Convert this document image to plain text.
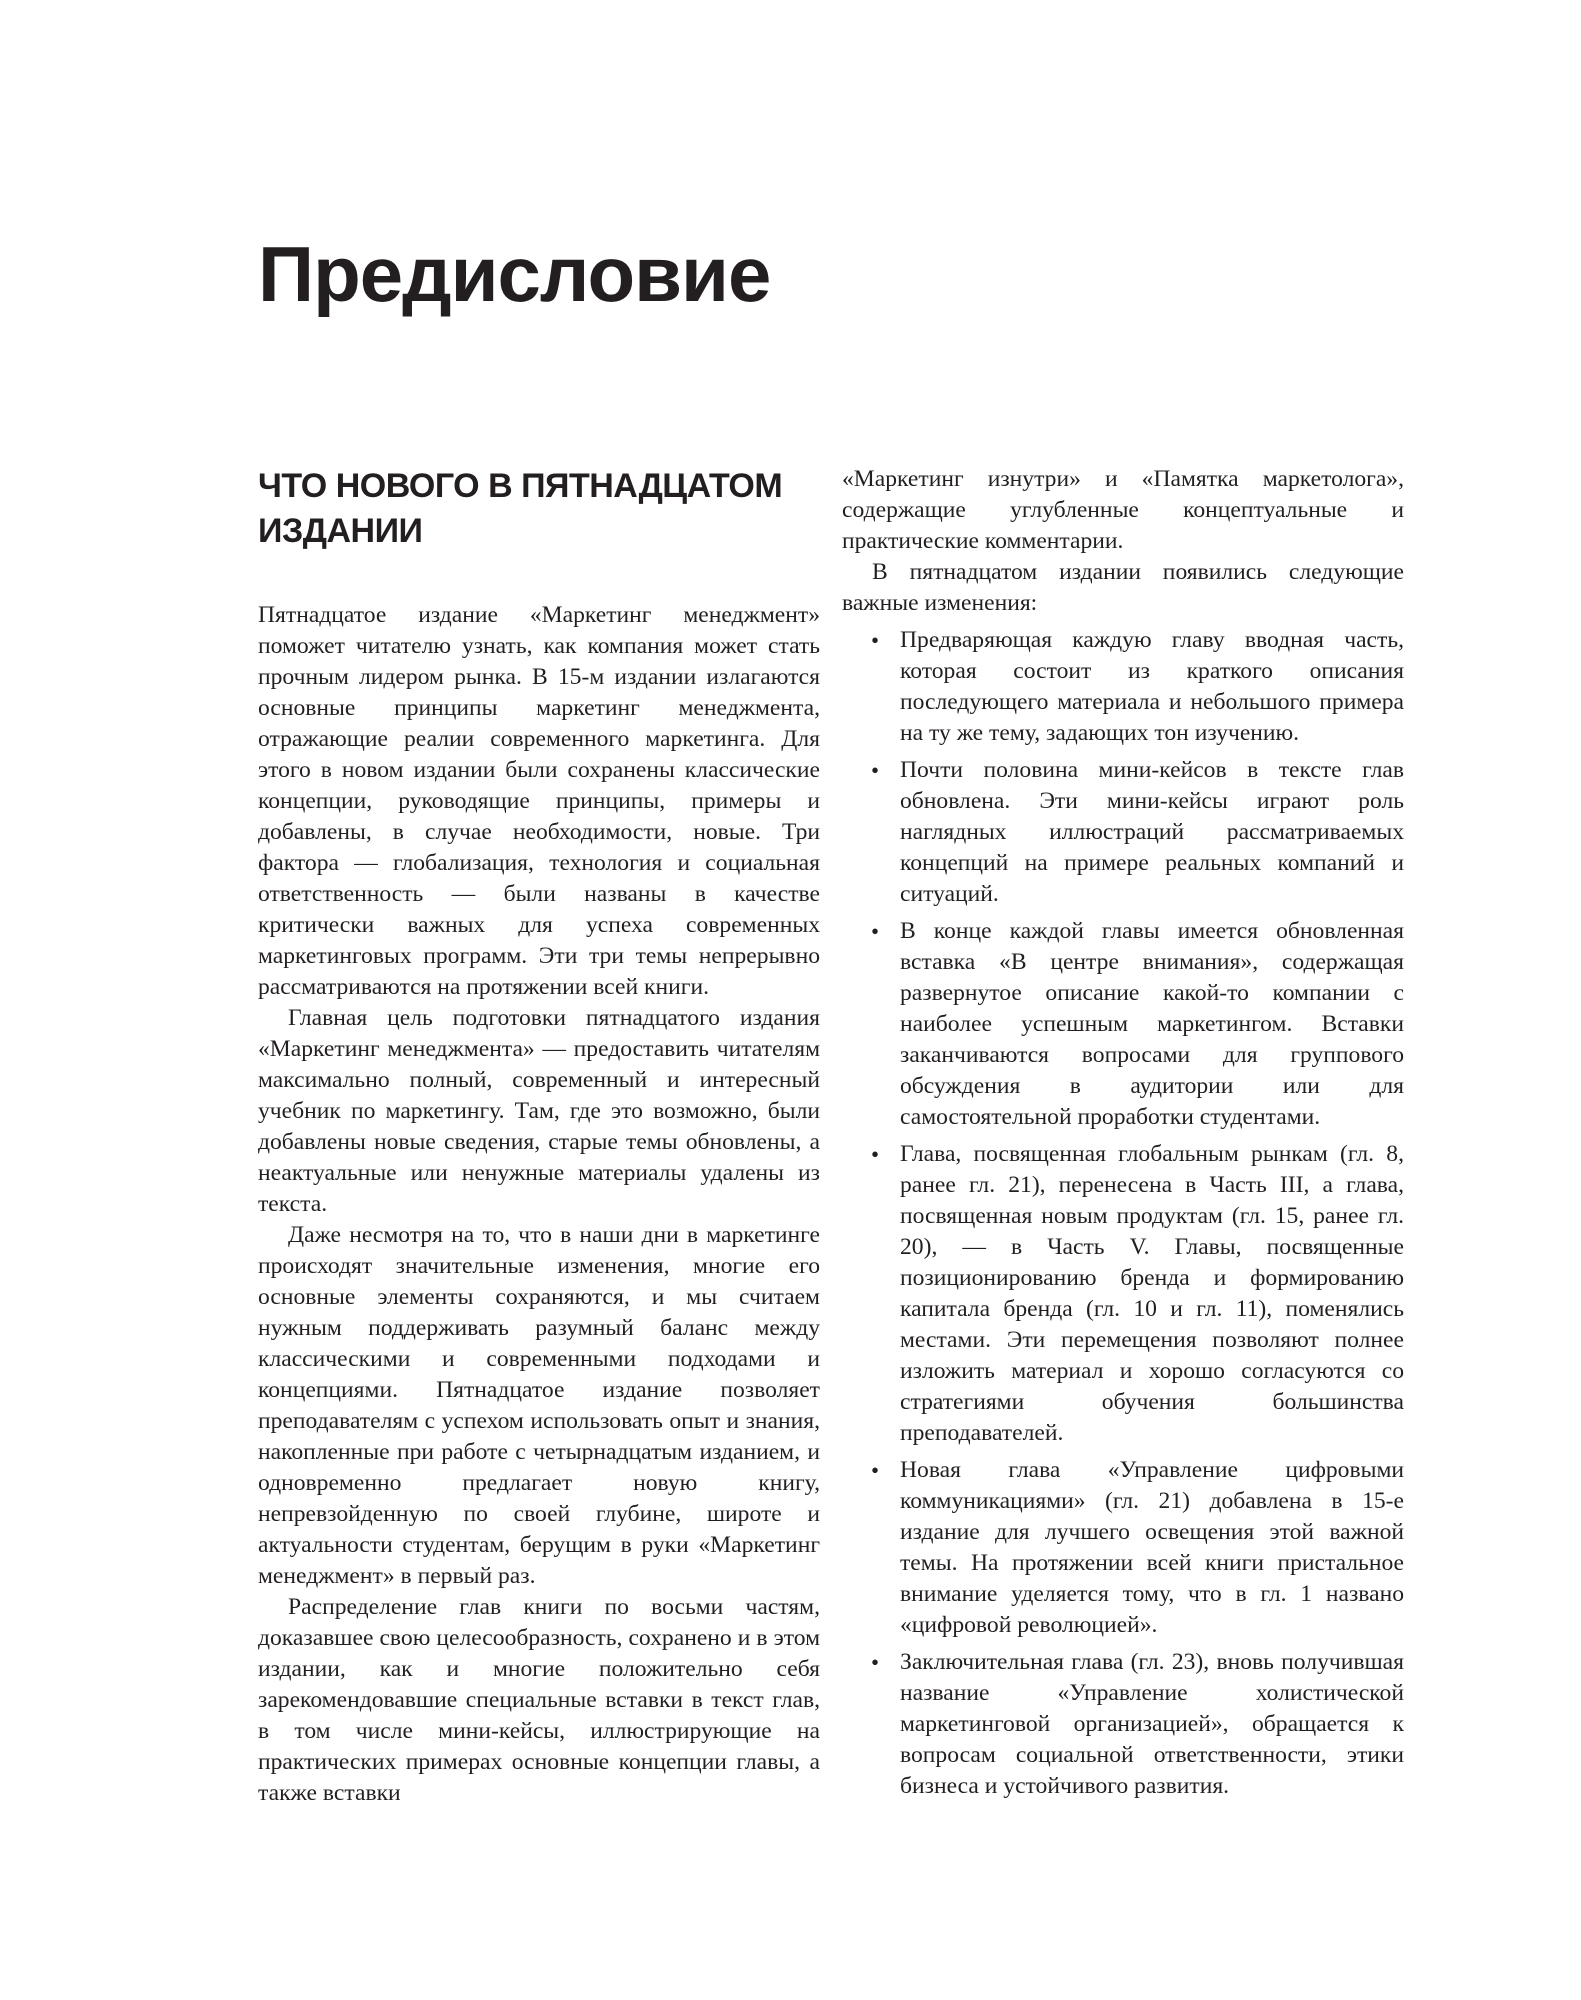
Предисловие
ЧТО НОВОГО В ПЯТНАДЦАТОМ ИЗДАНИИ

Пятнадцатое издание «Маркетинг менеджмент» поможет читателю узнать, как компания может стать прочным лидером рынка. В 15-м издании излагаются основные принципы маркетинг менеджмента, отражающие реалии современного маркетинга. Для этого в новом издании были сохранены классические концепции, руководящие принципы, примеры и добавлены, в случае необходимости, новые. Три фактора — глобализация, технология и социальная ответственность — были названы в качестве критически важных для успеха современных маркетинговых программ. Эти три темы непрерывно рассматриваются на протяжении всей книги.

Главная цель подготовки пятнадцатого издания «Маркетинг менеджмента» — предоставить читателям максимально полный, современный и интересный учебник по маркетингу. Там, где это возможно, были добавлены новые сведения, старые темы обновлены, а неактуальные или ненужные материалы удалены из текста.

Даже несмотря на то, что в наши дни в маркетинге происходят значительные изменения, многие его основные элементы сохраняются, и мы считаем нужным поддерживать разумный баланс между классическими и современными подходами и концепциями. Пятнадцатое издание позволяет преподавателям с успехом использовать опыт и знания, накопленные при работе с четырнадцатым изданием, и одновременно предлагает новую книгу, непревзойденную по своей глубине, широте и актуальности студентам, берущим в руки «Маркетинг менеджмент» в первый раз.

Распределение глав книги по восьми частям, доказавшее свою целесообразность, сохранено и в этом издании, как и многие положительно себя зарекомендовавшие специальные вставки в текст глав, в том числе мини-кейсы, иллюстрирующие на практических примерах основные концепции главы, а также вставки

«Маркетинг изнутри» и «Памятка маркетолога», содержащие углубленные концептуальные и практические комментарии.

В пятнадцатом издании появились следующие важные изменения:

• Предваряющая каждую главу вводная часть, которая состоит из краткого описания последующего материала и небольшого примера на ту же тему, задающих тон изучению.
• Почти половина мини-кейсов в тексте глав обновлена. Эти мини-кейсы играют роль наглядных иллюстраций рассматриваемых концепций на примере реальных компаний и ситуаций.
• В конце каждой главы имеется обновленная вставка «В центре внимания», содержащая развернутое описание какой-то компании с наиболее успешным маркетингом. Вставки заканчиваются вопросами для группового обсуждения в аудитории или для самостоятельной проработки студентами.
• Глава, посвященная глобальным рынкам (гл. 8, ранее гл. 21), перенесена в Часть III, а глава, посвященная новым продуктам (гл. 15, ранее гл. 20), — в Часть V. Главы, посвященные позиционированию бренда и формированию капитала бренда (гл. 10 и гл. 11), поменялись местами. Эти перемещения позволяют полнее изложить материал и хорошо согласуются со стратегиями обучения большинства преподавателей.
• Новая глава «Управление цифровыми коммуникациями» (гл. 21) добавлена в 15-е издание для лучшего освещения этой важной темы. На протяжении всей книги пристальное внимание уделяется тому, что в гл. 1 названо «цифровой революцией».
• Заключительная глава (гл. 23), вновь получившая название «Управление холистической маркетинговой организацией», обращается к вопросам социальной ответственности, этики бизнеса и устойчивого развития.
